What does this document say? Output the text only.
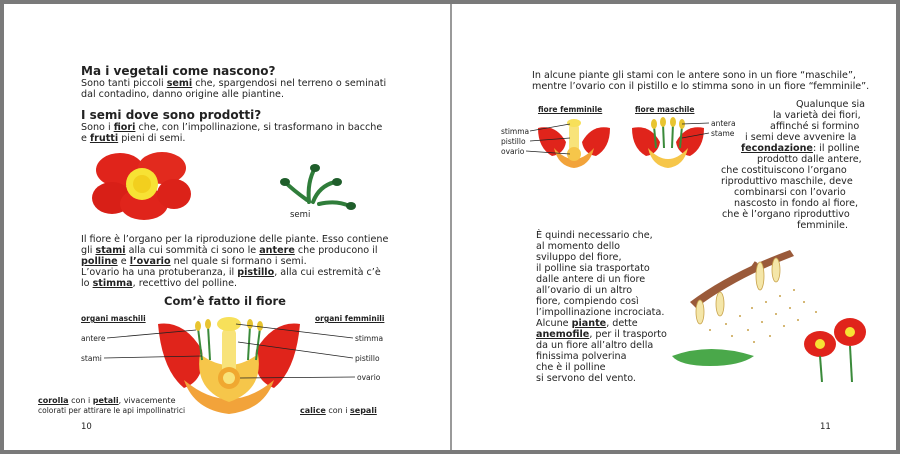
Ma i vegetali come nascono?
Sono tanti piccoli semi che, spargendosi nel terreno o seminati
dal contadino, danno origine alle piantine.
I semi dove sono prodotti?
Sono i fiori che, con l’impollinazione, si trasformano in bacche
e frutti pieni di semi.
semi
Il fiore è l’organo per la riproduzione delle piante. Esso contiene
gli stami alla cui sommità ci sono le antere che producono il
polline e l’ovario nel quale si formano i semi.
L’ovario ha una protuberanza, il pistillo, alla cui estremità c’è
lo stimma, recettivo del polline.
Com’è fatto il fiore
organi maschili	organi femminili
antere
stami
stimma
pistillo
ovario
corolla con i petali, vivacemente
colorati per attirare le api impollinatrici	calice con i sepali
10
In alcune piante gli stami con le antere sono in un fiore “maschile”,
mentre l’ovario con il pistillo e lo stimma sono in un fiore “femminile”.
fiore femminile	fiore maschile
stimma
pistillo
ovario
antera
stame
Qualunque sia
la varietà dei fiori,
affinché si formino
i semi deve avvenire la
fecondazione: il polline
prodotto dalle antere,
che costituiscono l’organo
riproduttivo maschile, deve
combinarsi con l’ovario
nascosto in fondo al fiore,
che è l’organo riproduttivo
femminile.
È quindi necessario che,
al momento dello
sviluppo del fiore,
il polline sia trasportato
dalle antere di un fiore
all’ovario di un altro
fiore, compiendo così
l’impollinazione incrociata.
Alcune piante, dette
anemofile, per il trasporto
da un fiore all’altro della
finissima polverina
che è il polline
si servono del vento.
11
